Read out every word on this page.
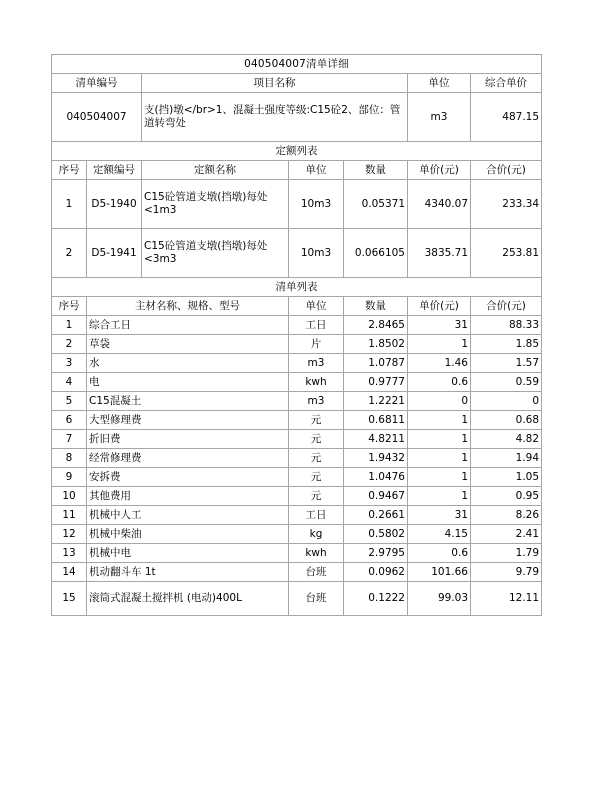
040504007清单详细						
清单编号		项目名称			单位	综合单价
040504007		支(挡)墩</br>1、混凝土强度等级:C15砼2、部位：管道转弯处			m3	487.15
定额列表						
序号	定额编号	定额名称	单位	数量	单价(元)	合价(元)
1	D5-1940	C15砼管道支墩(挡墩)每处<1m3	10m3	0.05371	4340.07	233.34
2	D5-1941	C15砼管道支墩(挡墩)每处<3m3	10m3	0.066105	3835.71	253.81
清单列表						
序号	主材名称、规格、型号		单位	数量	单价(元)	合价(元)
1	综合工日		工日	2.8465	31	88.33
2	草袋		片	1.8502	1	1.85
3	水		m3	1.0787	1.46	1.57
4	电		kwh	0.9777	0.6	0.59
5	C15混凝土		m3	1.2221	0	0
6	大型修理费		元	0.6811	1	0.68
7	折旧费		元	4.8211	1	4.82
8	经常修理费		元	1.9432	1	1.94
9	安拆费		元	1.0476	1	1.05
10	其他费用		元	0.9467	1	0.95
11	机械中人工		工日	0.2661	31	8.26
12	机械中柴油		kg	0.5802	4.15	2.41
13	机械中电		kwh	2.9795	0.6	1.79
14	机动翻斗车 1t		台班	0.0962	101.66	9.79
15	滚筒式混凝土搅拌机 (电动)400L		台班	0.1222	99.03	12.11
